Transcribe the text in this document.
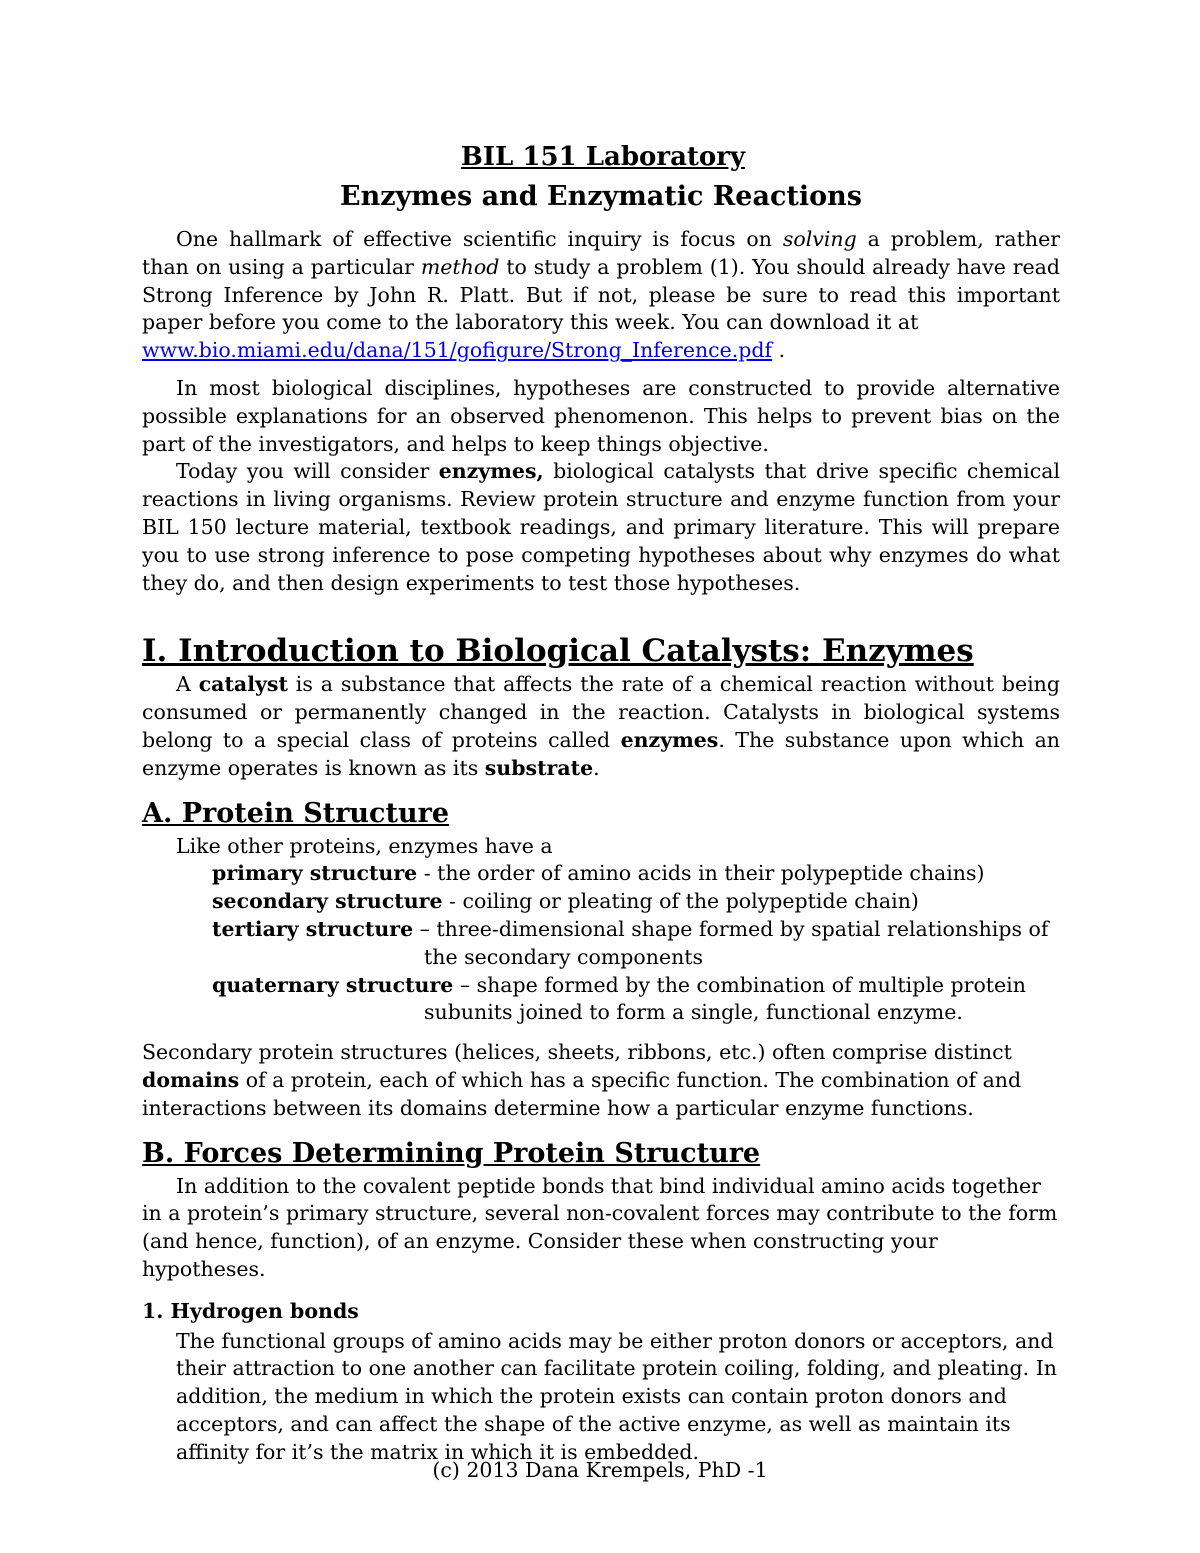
BIL 151 Laboratory
Enzymes and Enzymatic Reactions

One hallmark of effective scientific inquiry is focus on solving a problem, rather than on using a particular method to study a problem (1). You should already have read Strong Inference by John R. Platt. But if not, please be sure to read this important paper before you come to the laboratory this week. You can download it at

www.bio.miami.edu/dana/151/gofigure/Strong_Inference.pdf .

In most biological disciplines, hypotheses are constructed to provide alternative possible explanations for an observed phenomenon. This helps to prevent bias on the part of the investigators, and helps to keep things objective.

Today you will consider enzymes, biological catalysts that drive specific chemical reactions in living organisms. Review protein structure and enzyme function from your BIL 150 lecture material, textbook readings, and primary literature. This will prepare you to use strong inference to pose competing hypotheses about why enzymes do what they do, and then design experiments to test those hypotheses.

I. Introduction to Biological Catalysts: Enzymes

A catalyst is a substance that affects the rate of a chemical reaction without being consumed or permanently changed in the reaction. Catalysts in biological systems belong to a special class of proteins called enzymes. The substance upon which an enzyme operates is known as its substrate.

A. Protein Structure

Like other proteins, enzymes have a

primary structure - the order of amino acids in their polypeptide chains)
secondary structure - coiling or pleating of the polypeptide chain)
tertiary structure – three-dimensional shape formed by spatial relationships of
the secondary components
quaternary structure – shape formed by the combination of multiple protein
subunits joined to form a single, functional enzyme.

Secondary protein structures (helices, sheets, ribbons, etc.) often comprise distinct domains of a protein, each of which has a specific function. The combination of and interactions between its domains determine how a particular enzyme functions.

B. Forces Determining Protein Structure

In addition to the covalent peptide bonds that bind individual amino acids together in a protein’s primary structure, several non-covalent forces may contribute to the form (and hence, function), of an enzyme. Consider these when constructing your hypotheses.

1. Hydrogen bonds

The functional groups of amino acids may be either proton donors or acceptors, and their attraction to one another can facilitate protein coiling, folding, and pleating. In addition, the medium in which the protein exists can contain proton donors and acceptors, and can affect the shape of the active enzyme, as well as maintain its affinity for it’s the matrix in which it is embedded.

(c) 2013 Dana Krempels, PhD -1
